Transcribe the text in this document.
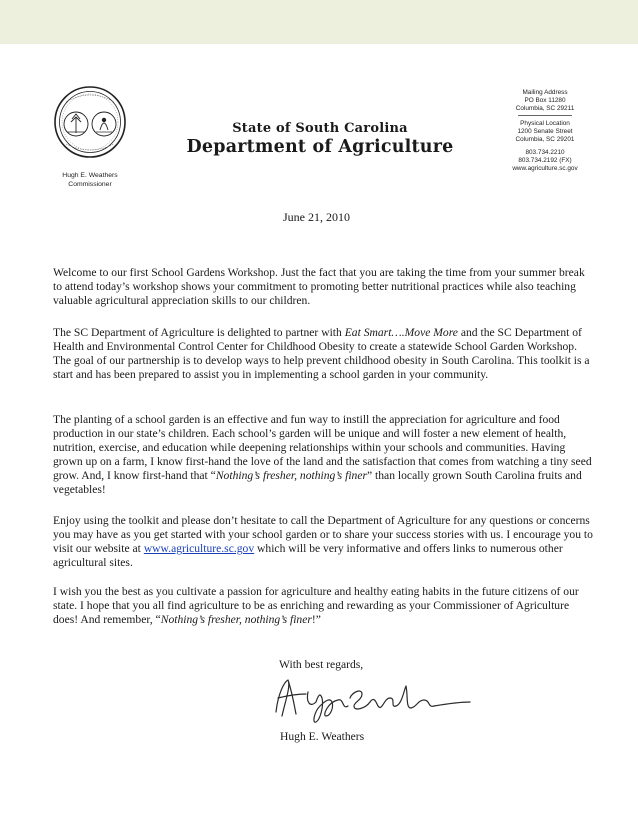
Hugh E. Weathers
Commissioner
State of South Carolina
Department of Agriculture
Mailing Address
PO Box 11280
Columbia, SC 29211
Physical Location
1200 Senate Street
Columbia, SC 29201
803.734.2210
803.734.2192 (FX)
www.agriculture.sc.gov
June 21, 2010

Welcome to our first School Gardens Workshop. Just the fact that you are taking the time from your summer break to attend today’s workshop shows your commitment to promoting better nutritional practices while also teaching valuable agricultural appreciation skills to our children.

The SC Department of Agriculture is delighted to partner with Eat Smart….Move More and the SC Department of Health and Environmental Control Center for Childhood Obesity to create a statewide School Garden Workshop. The goal of our partnership is to develop ways to help prevent childhood obesity in South Carolina. This toolkit is a start and has been prepared to assist you in implementing a school garden in your community.

The planting of a school garden is an effective and fun way to instill the appreciation for agriculture and food production in our state’s children. Each school’s garden will be unique and will foster a new element of health, nutrition, exercise, and education while deepening relationships within your schools and communities. Having grown up on a farm, I know first-hand the love of the land and the satisfaction that comes from watching a tiny seed grow. And, I know first-hand that “Nothing’s fresher, nothing’s finer” than locally grown South Carolina fruits and vegetables!

Enjoy using the toolkit and please don’t hesitate to call the Department of Agriculture for any questions or concerns you may have as you get started with your school garden or to share your success stories with us. I encourage you to visit our website at www.agriculture.sc.gov which will be very informative and offers links to numerous other agricultural sites.

I wish you the best as you cultivate a passion for agriculture and healthy eating habits in the future citizens of our state. I hope that you all find agriculture to be as enriching and rewarding as your Commissioner of Agriculture does! And remember, “Nothing’s fresher, nothing’s finer!”

With best regards,
Hugh E. Weathers
